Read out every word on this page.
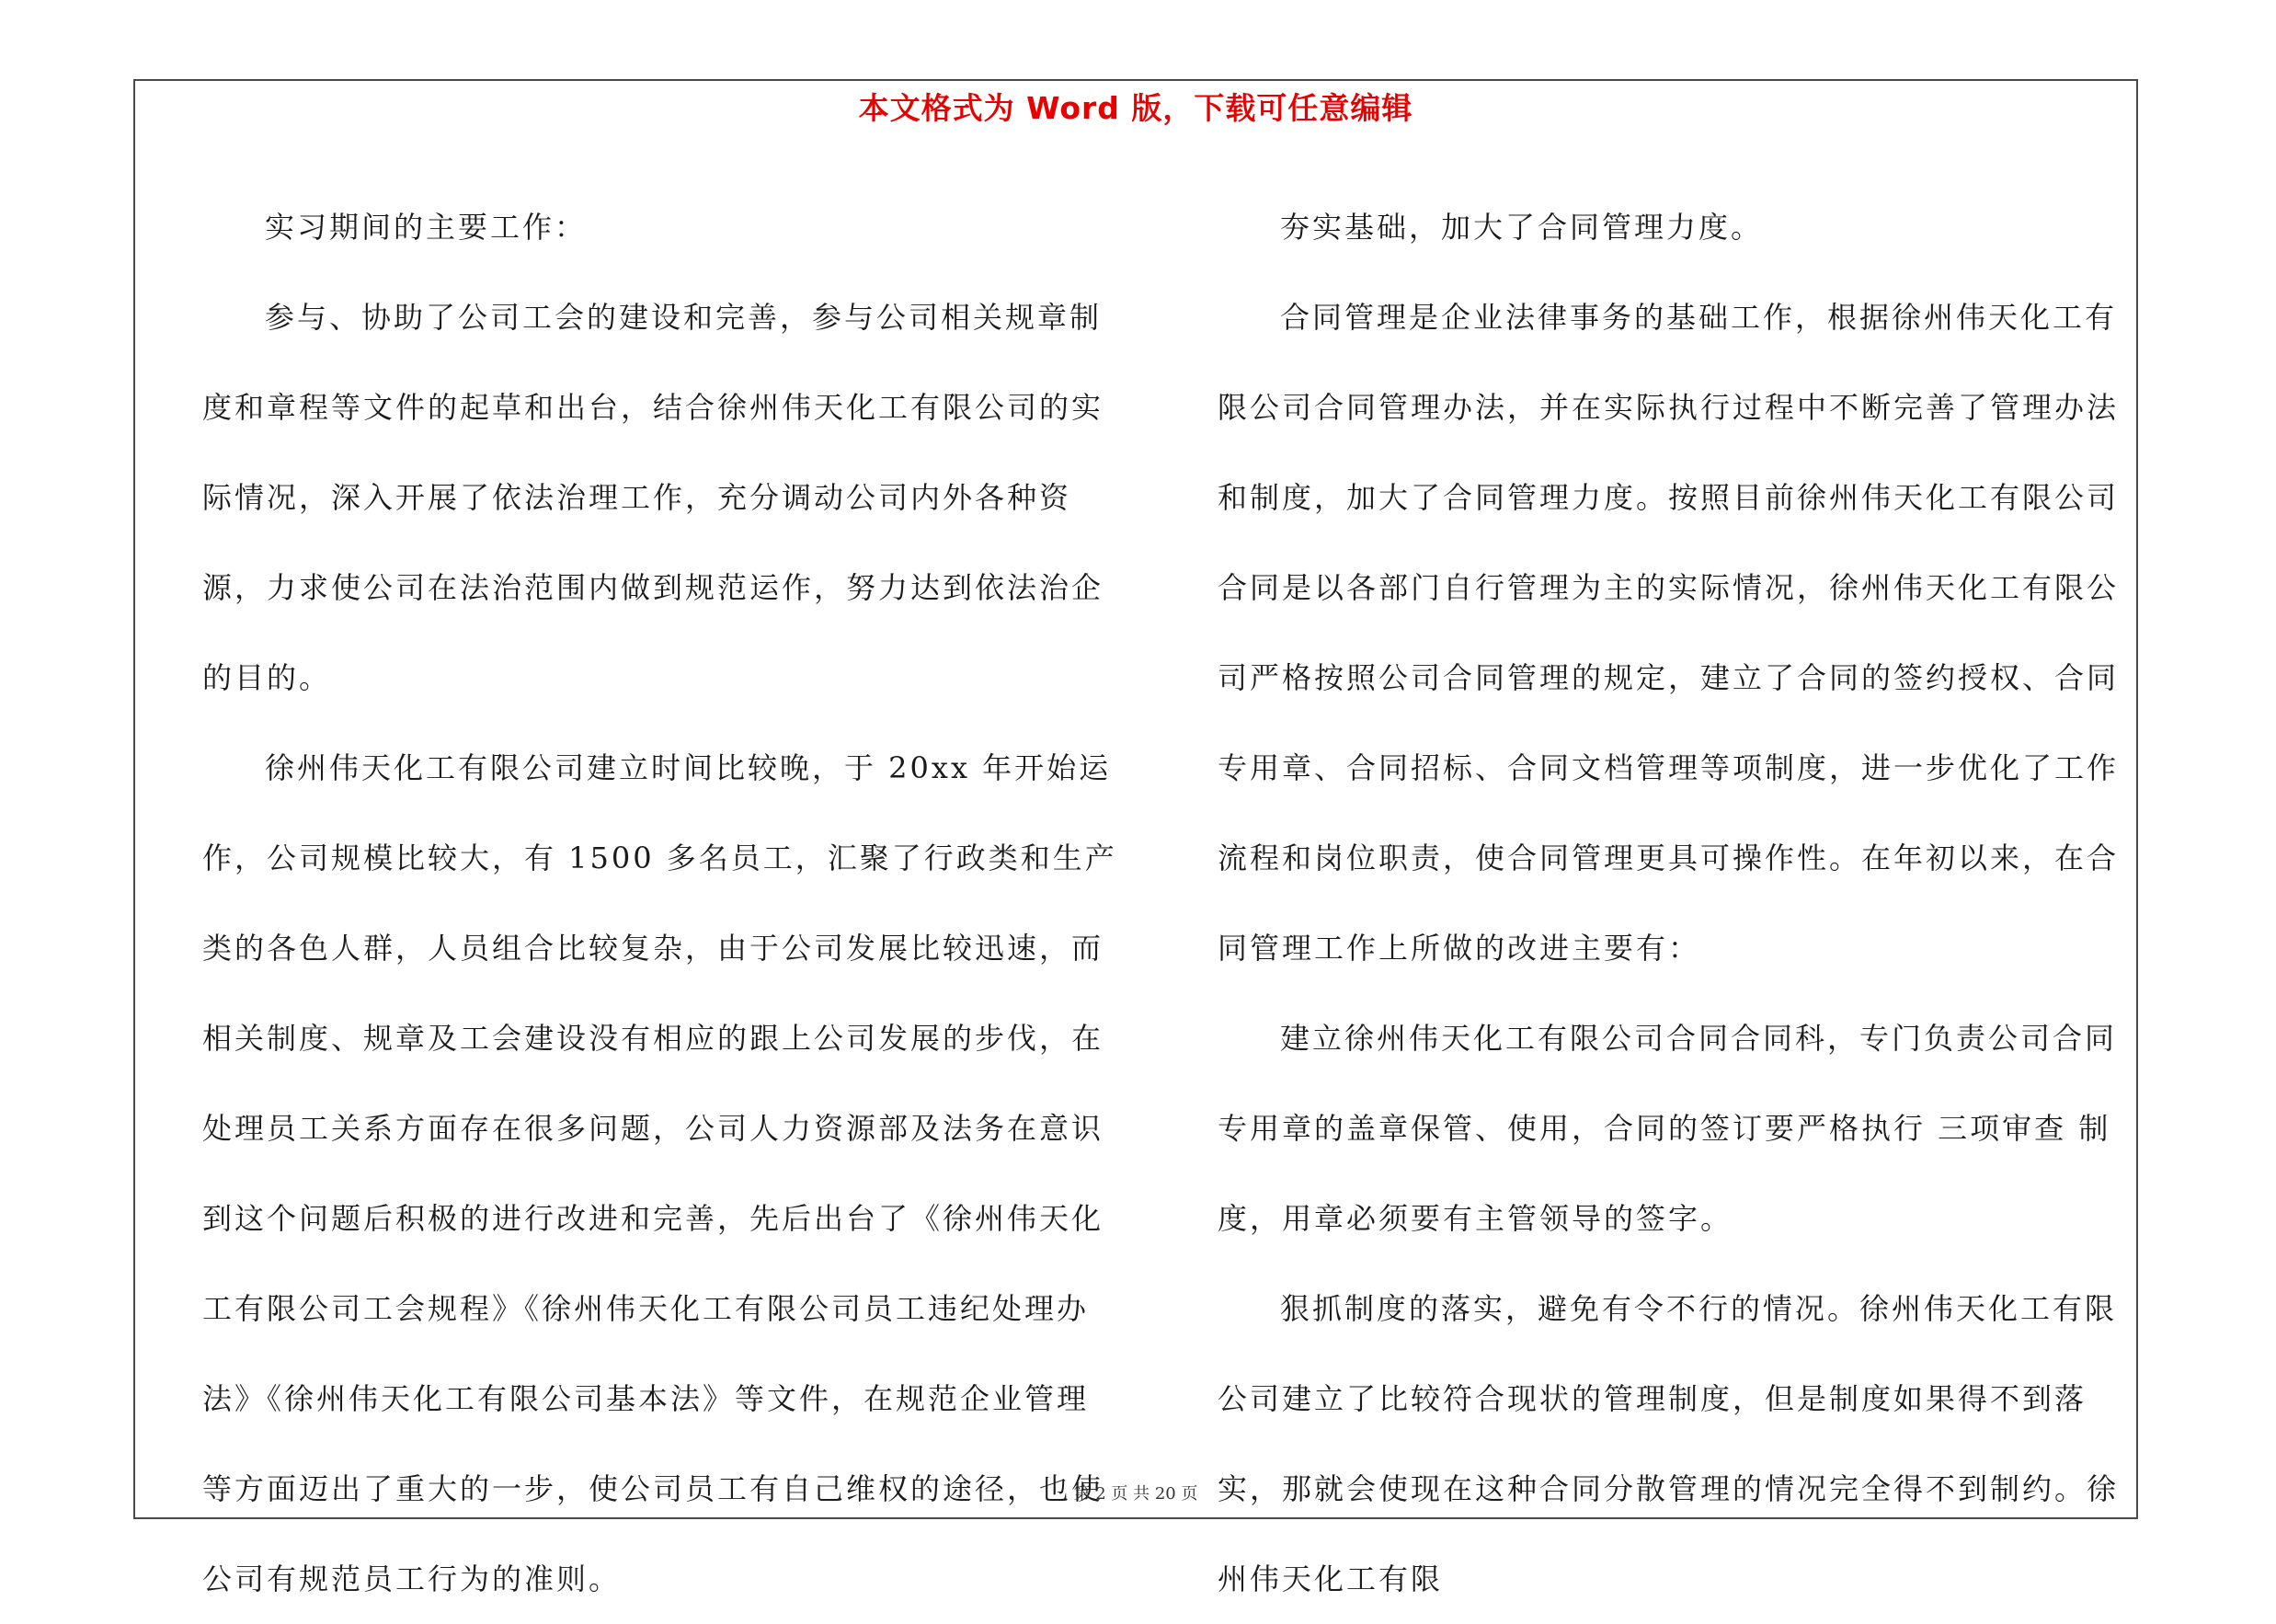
本文格式为 Word 版，下载可任意编辑

实习期间的主要工作：

参与、协助了公司工会的建设和完善，参与公司相关规章制度和章程等文件的起草和出台，结合徐州伟天化工有限公司的实际情况，深入开展了依法治理工作，充分调动公司内外各种资源，力求使公司在法治范围内做到规范运作，努力达到依法治企的目的。

徐州伟天化工有限公司建立时间比较晚，于 20xx 年开始运作，公司规模比较大，有 1500 多名员工，汇聚了行政类和生产类的各色人群，人员组合比较复杂，由于公司发展比较迅速，而相关制度、规章及工会建设没有相应的跟上公司发展的步伐，在处理员工关系方面存在很多问题，公司人力资源部及法务在意识到这个问题后积极的进行改进和完善，先后出台了《徐州伟天化工有限公司工会规程》《徐州伟天化工有限公司员工违纪处理办法》《徐州伟天化工有限公司基本法》等文件，在规范企业管理等方面迈出了重大的一步，使公司员工有自己维权的途径，也使公司有规范员工行为的准则。

夯实基础，加大了合同管理力度。

合同管理是企业法律事务的基础工作，根据徐州伟天化工有限公司合同管理办法，并在实际执行过程中不断完善了管理办法和制度，加大了合同管理力度。按照目前徐州伟天化工有限公司合同是以各部门自行管理为主的实际情况，徐州伟天化工有限公司严格按照公司合同管理的规定，建立了合同的签约授权、合同专用章、合同招标、合同文档管理等项制度，进一步优化了工作流程和岗位职责，使合同管理更具可操作性。在年初以来，在合同管理工作上所做的改进主要有：

建立徐州伟天化工有限公司合同合同科，专门负责公司合同专用章的盖章保管、使用，合同的签订要严格执行 三项审查 制度，用章必须要有主管领导的签字。

狠抓制度的落实，避免有令不行的情况。徐州伟天化工有限公司建立了比较符合现状的管理制度，但是制度如果得不到落实，那就会使现在这种合同分散管理的情况完全得不到制约。徐州伟天化工有限

第 2 页 共 20 页
